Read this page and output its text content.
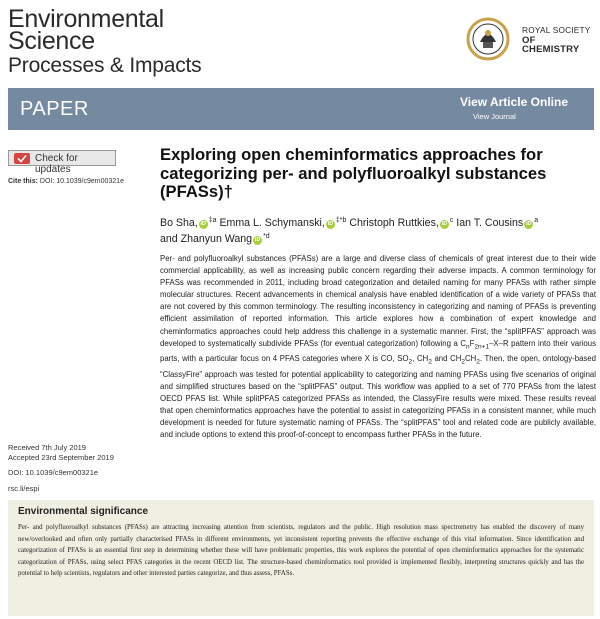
Environmental
Science
Processes & Impacts
ROYAL SOCIETY
OF CHEMISTRY
PAPER	View Article Online
View Journal
Check for updates
Cite this: DOI: 10.1039/c9em00321e
Exploring open cheminformatics approaches for categorizing per- and polyfluoroalkyl substances (PFASs)†
Bo Sha, iD $^{\ddagger a}$ Emma L. Schymanski, iD $^{\ddagger*b}$ Christoph Ruttkies, iD $^c$ Ian T. Cousins iD $^a$
and Zhanyun Wang iD $^{*d}$
Per- and polyfluoroalkyl substances (PFASs) are a large and diverse class of chemicals of great interest due to their wide commercial applicability, as well as increasing public concern regarding their adverse impacts. A common terminology for PFASs was recommended in 2011, including broad categorization and detailed naming for many PFASs with rather simple molecular structures. Recent advancements in chemical analysis have enabled identification of a wide variety of PFASs that are not covered by this common terminology. The resulting inconsistency in categorizing and naming of PFASs is preventing efficient assimilation of reported information. This article explores how a combination of expert knowledge and cheminformatics approaches could help address this challenge in a systematic manner. First, the “splitPFAS” approach was developed to systematically subdivide PFASs (for eventual categorization) following a $C_nF_{2n+1}-X-R$ pattern into their various parts, with a particular focus on 4 PFAS categories where X is CO, $SO_2$, $CH_2$ and $CH_2CH_2$. Then, the open, ontology-based “ClassyFire” approach was tested for potential applicability to categorizing and naming PFASs using five scenarios of original and simplified structures based on the “splitPFAS” output. This workflow was applied to a set of 770 PFASs from the latest OECD PFAS list. While splitPFAS categorized PFASs as intended, the ClassyFire results were mixed. These results reveal that open cheminformatics approaches have the potential to assist in categorizing PFASs in a consistent manner, while much development is needed for future systematic naming of PFASs. The “splitPFAS” tool and related code are publicly available, and include options to extend this proof-of-concept to encompass further PFASs in the future.
Received 7th July 2019
Accepted 23rd September 2019
DOI: 10.1039/c9em00321e
rsc.li/espi
Environmental significance
Per- and polyfluoroalkyl substances (PFASs) are attracting increasing attention from scientists, regulators and the public. High resolution mass spectrometry has enabled the discovery of many new/overlooked and often only partially characterised PFASs in different environments, yet inconsistent reporting prevents the effective exchange of this vital information. Since identification and categorization of PFASs is an essential first step in determining whether these will have problematic properties, this work explores the potential of open cheminformatics approaches for the systematic categorization of PFASs, using select PFAS categories in the recent OECD list. The structure-based cheminformatics tool provided is implemented flexibly, interpreting structures quickly and has the potential to help scientists, regulators and other interested parties categorize, and thus assess, PFASs.
